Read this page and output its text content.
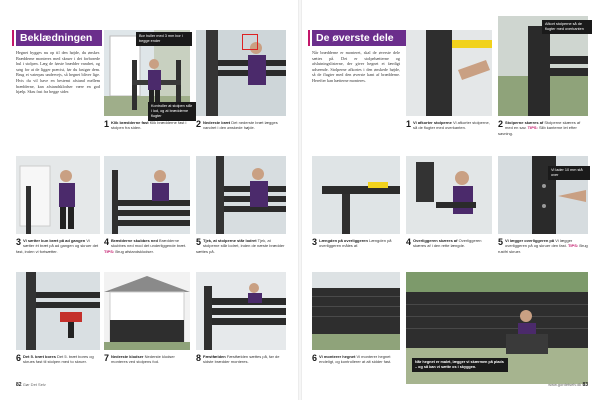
Beklædningen
Hegnet bygges nu op til den højde, du ønsker. Brædderne monteres med skruer i det forborede hul i stolpen. Læg de første brædder vandret, og sørg for at de ligger præcist, før du fastgør dem. Brug et vaterpas undervejs, så hegnet bliver lige. Hvis du vil have en bestemt afstand mellem brædderne, kan afstandsklodser være en god hjælp. Skru fast fra begge sider.
Bor huller med 3 mm bor i begge ender
Kontroller at stolpen står i lod, og at brædderne flugter
1 Klik brædderne fast Klik brædderne fast i stolpen fra siden.	2 Nederste bræt Det nederste bræt lægges vandret i den ønskede højde.
3 Vi sætter kun bræt på ad gangen Vi sætter ét bræt på ad gangen og skruer det fast, inden vi fortsætter.
4 Brædderne skubbes ned Brædderne skubbes ned mod det underliggende bræt. TIPS: Brug afstandsklodser.
5 Tjek, at stolperne står lodret Tjek, at stolperne står lodret, inden de næste brædder sættes på.
6 Det 5. bræt bores Det 5. bræt bores og skrues fast til stolpen med to skruer.	7 Nederste klodser Nederste klodser monteres ved stolpens fod.	8 Fæstfælden Fæstfælden sættes på, før de sidste brædder monteres.
82 Gør Det Selv
De øverste dele
Når brædderne er monteret, skal de øverste dele sættes på. Det er stolpehætterne og afslutningslisterne, der giver hegnet et færdigt udseende. Stolperne afkortes i den ønskede højde, så de flugter med den øverste kant af brædderne. Herefter kan hætterne monteres.
Afkort stolperne så de flugter med overkanten
1 Vi afkorter stolperne Vi afkorter stolperne, så de flugter med overkanten.	2 Stolperne skæres af Stolperne skæres af med en sav. TIPS: Slib kanterne let efter savning.
Vi lader 10 mm stå over
3 Længden på overliggeren Længden på overliggeren måles af.	4 Overliggeren skæres af Overliggeren skæres af i den rette længde.	5 Vi lægger overliggeren på Vi lægger overliggeren på og skruer den fast. TIPS: Brug rustfri skruer.
Når hegnet er malet, lægger vi skærmen på plads – og så kan vi sætte os i skyggen.
6 Vi monterer hegnet Vi monterer hegnet endeligt, og kontrollerer at alt sidder fast.
www.gordetselv.dk 83
